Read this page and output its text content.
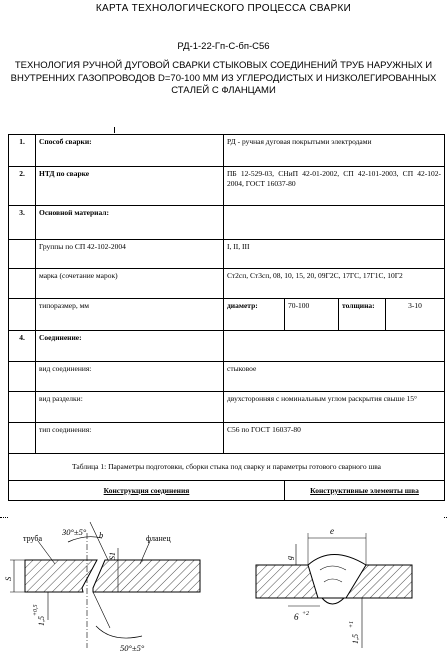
КАРТА ТЕХНОЛОГИЧЕСКОГО ПРОЦЕССА СВАРКИ
РД-1-22-Гп-С-бп-С56
ТЕХНОЛОГИЯ РУЧНОЙ ДУГОВОЙ СВАРКИ СТЫКОВЫХ СОЕДИНЕНИЙ ТРУБ НАРУЖНЫХ И ВНУТРЕННИХ ГАЗОПРОВОДОВ D=70-100 ММ ИЗ УГЛЕРОДИСТЫХ И НИЗКОЛЕГИРОВАННЫХ СТАЛЕЙ С ФЛАНЦАМИ
1.	Способ сварки:	РД - ручная дуговая покрытыми электродами			
2.	НТД по сварке	ПБ 12-529-03, СНиП 42-01-2002, СП 42-101-2003, СП 42-102-2004, ГОСТ 16037-80			
3.	Основной материал:				
	Группы по СП 42-102-2004	I, II, III			
	марка (сочетание марок)	Ст2сп, Ст3сп, 08, 10, 15, 20, 09Г2С, 17ГС, 17Г1С, 10Г2			
	типоразмер, мм	диаметр:	70-100	толщина:	3-10
4.	Соединение:				
	вид соединения:	стыковое			
	вид разделки:	двухсторонняя с номинальным углом раскрытия свыше 15°			
	тип соединения:	С56 по ГОСТ 16037-80			
Таблица 1: Параметры подготовки, сборки стыка под сварку и параметры готового сварного шва					
Конструкция соединения			Конструктивные элементы шва		
труба	фланец
30°±5° b
50°±5°
S
S1
1,5
+0,5
e
g
6 +2
1,5
+1
